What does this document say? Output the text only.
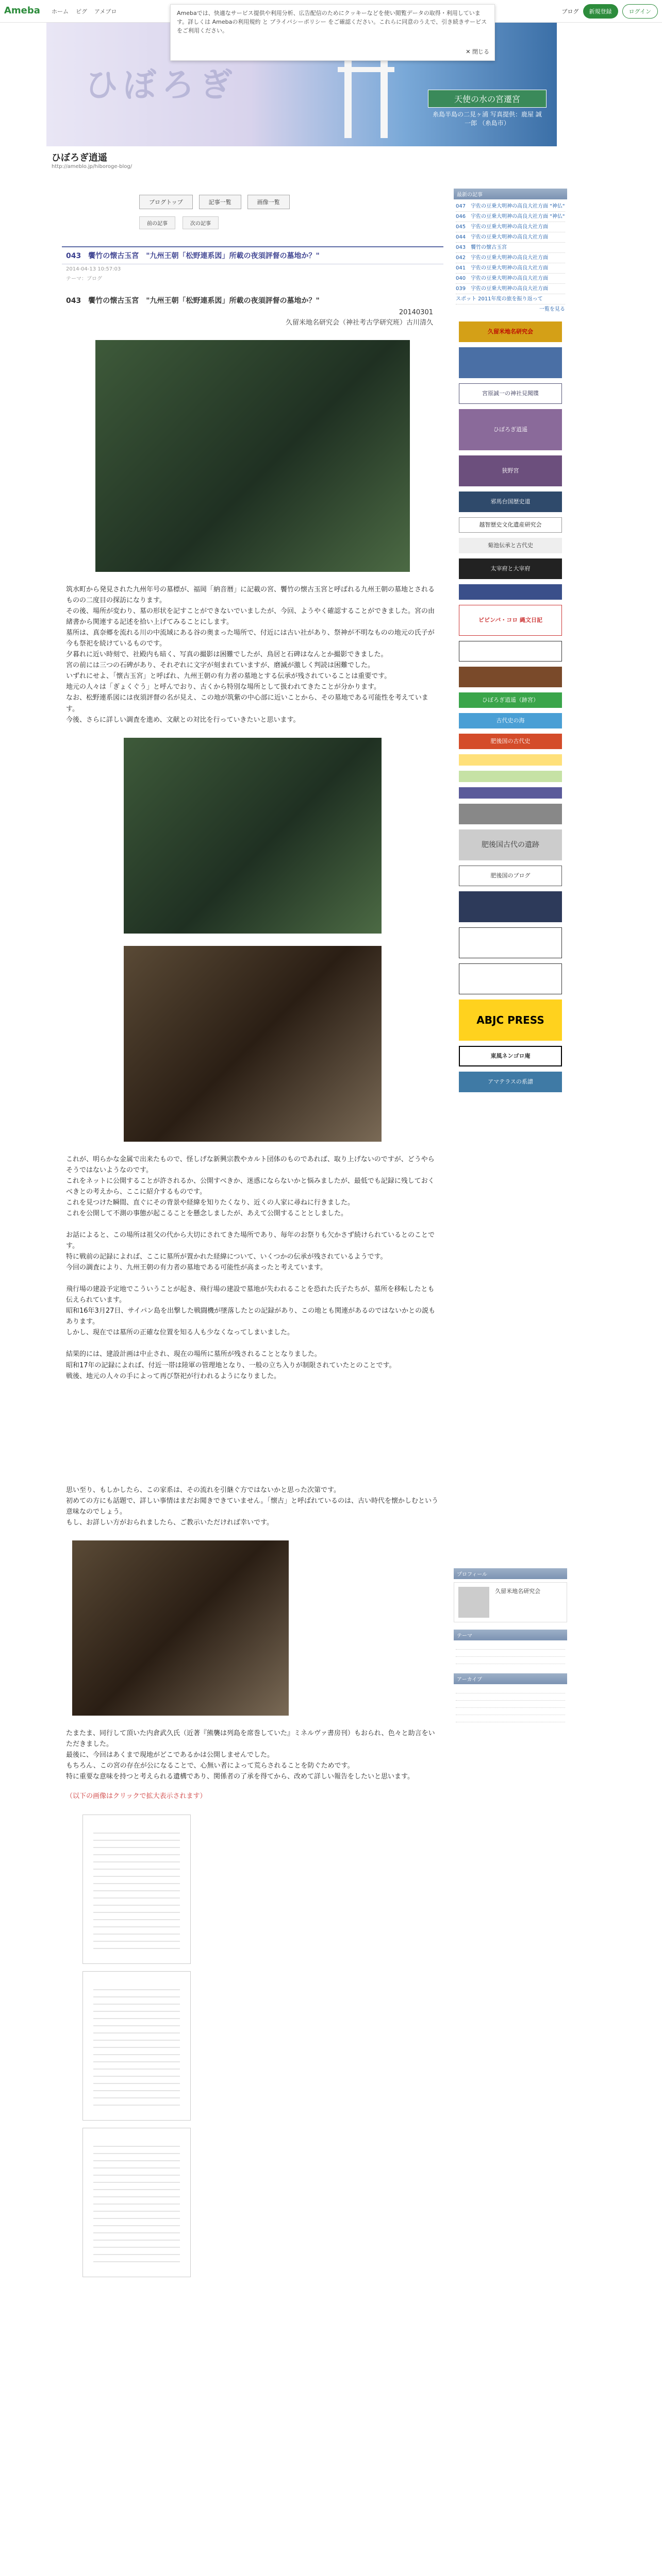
Ameba ホーム ピグ アメブロ	ブログ	新規登録	ログイン
Amebaでは、快適なサービス提供や利用分析、広告配信のためにクッキーなどを使い閲覧データの取得・利用しています。詳しくは Amebaの利用規約 と プライバシーポリシー をご確認ください。これらに同意のうえで、引き続きサービスをご利用ください。
✕ 閉じる
ひぼろぎ	天使の水の宮遷宮
糸島半島の二見ヶ浦 写真提供：鹿屋 誠一郎 （糸島市）
ひぼろぎ逍遥
http://ameblo.jp/hiboroge-blog/
ブログトップ	記事一覧	画像一覧
前の記事	次の記事
043　饗竹の懐古玉宮　"九州王朝「松野連系図」所載の夜須評督の墓地か？"
2014-04-13 10:57:03
テーマ：ブログ
043　饗竹の懐古玉宮　"九州王朝「松野連系図」所載の夜須評督の墓地か？"
20140301
久留米地名研究会（神社考古学研究班）古川清久

筑水町から発見された九州年号の墓標が、福岡「納音暦」に記載の宮、饗竹の懐古玉宮と呼ばれる九州王朝の墓地とされるものの二度目の探訪になります。

その後、場所が変わり、墓の形状を記すことができないでいましたが、今回、ようやく確認することができました。宮の由緒書から関連する記述を拾い上げてみることにします。

墓所は、真奈郷を流れる川の中流域にある谷の奥まった場所で、付近には古い社があり、祭神が不明なものの地元の氏子が今も祭祀を続けているものです。

夕暮れに近い時刻で、社殿内も暗く、写真の撮影は困難でしたが、鳥居と石碑はなんとか撮影できました。

宮の前には三つの石碑があり、それぞれに文字が刻まれていますが、磨滅が激しく判読は困難でした。

いずれにせよ、「懐古玉宮」と呼ばれ、九州王朝の有力者の墓地とする伝承が残されていることは重要です。

地元の人々は「ぎょくぐう」と呼んでおり、古くから特別な場所として扱われてきたことが分かります。

なお、松野連系図には夜須評督の名が見え、この地が筑紫の中心部に近いことから、その墓地である可能性を考えています。

今後、さらに詳しい調査を進め、文献との対比を行っていきたいと思います。

これが、明らかな金属で出来たもので、怪しげな新興宗教やカルト団体のものであれば、取り上げないのですが、どうやらそうではないようなのです。

これをネットに公開することが許されるか、公開すべきか、迷惑にならないかと悩みましたが、最低でも記録に残しておくべきとの考えから、ここに紹介するものです。

これを見つけた瞬間、直ぐにその背景や経緯を知りたくなり、近くの人家に尋ねに行きました。

これを公開して不測の事態が起こることを懸念しましたが、あえて公開することとしました。

お話によると、この場所は祖父の代から大切にされてきた場所であり、毎年のお祭りも欠かさず続けられているとのことです。

特に戦前の記録によれば、ここに墓所が置かれた経緯について、いくつかの伝承が残されているようです。

今回の調査により、九州王朝の有力者の墓地である可能性が高まったと考えています。

飛行場の建設予定地でこういうことが起き、飛行場の建設で墓地が失われることを恐れた氏子たちが、墓所を移転したとも伝えられています。

昭和16年3月27日、サイパン島を出撃した戦闘機が墜落したとの記録があり、この地とも関連があるのではないかとの説もあります。

しかし、現在では墓所の正確な位置を知る人も少なくなってしまいました。

結果的には、建設計画は中止され、現在の場所に墓所が残されることとなりました。

昭和17年の記録によれば、付近一帯は陸軍の管理地となり、一般の立ち入りが制限されていたとのことです。

戦後、地元の人々の手によって再び祭祀が行われるようになりました。

思い至り、もしかしたら、この家系は、その流れを引継ぐ方ではないかと思った次第です。

初めての方にも話題で、詳しい事情はまだお聞きできていません。「懐古」と呼ばれているのは、古い時代を懐かしむという意味なのでしょう。

もし、お詳しい方がおられましたら、ご教示いただければ幸いです。

たまたま、同行して頂いた内倉武久氏（近著『熊襲は列島を席巻していた』ミネルヴァ書房刊）もおられ、色々と助言をいただきました。

最後に、今回はあくまで現地がどこであるかは公開しませんでした。

もちろん、この宮の存在が公になることで、心無い者によって荒らされることを防ぐためです。

特に重要な意味を持つと考えられる遺構であり、関係者の了承を得てから、改めて詳しい報告をしたいと思います。

（以下の画像はクリックで拡大表示されます）
最新の記事
047　宇佐の豆乗大明神の高良大社方面 "神仏"
046　宇佐の豆乗大明神の高良大社方面 "神仏"
045　宇佐の豆乗大明神の高良大社方面
044　宇佐の豆乗大明神の高良大社方面
043　饗竹の懐古玉宮
042　宇佐の豆乗大明神の高良大社方面
041　宇佐の豆乗大明神の高良大社方面
040　宇佐の豆乗大明神の高良大社方面
039　宇佐の豆乗大明神の高良大社方面
スポット 2011年度の旅を振り返って
一覧を見る
久留米地名研究会
宮原誠一の神社見聞牒
ひぼろぎ逍遥
狭野宮
邪馬台国歴史道
越智歴史文化遺産研究会
菊池伝承と古代史
太宰府と大宰府
ビビンバ・コロ 縄文日記
ひぼろぎ逍遥（跡宮）
古代史の海
肥後国の古代史
肥後国古代の遺跡
肥後国のブログ
ABJC PRESS
東風ネンゴロ庵
アマテラスの系譜
プロフィール
久留米地名研究会
テーマ
アーカイブ
